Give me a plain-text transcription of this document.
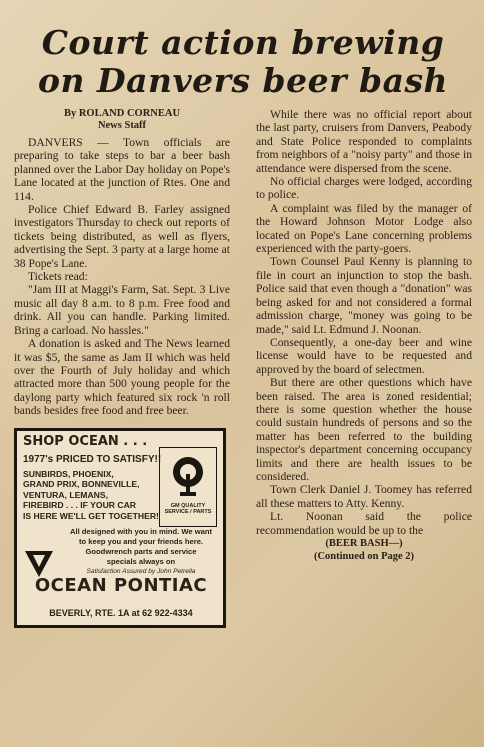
Court action brewing
on Danvers beer bash
By ROLAND CORNEAU
News Staff

DANVERS — Town officials are preparing to take steps to bar a beer bash planned over the Labor Day holiday on Pope's Lane located at the junction of Rtes. One and 114.

Police Chief Edward B. Farley assigned investigators Thursday to check out reports of tickets being distributed, as well as flyers, advertising the Sept. 3 party at a large home at 38 Pope's Lane.

Tickets read:

"Jam III at Maggi's Farm, Sat. Sept. 3 Live music all day 8 a.m. to 8 p.m. Free food and drink. All you can handle. Parking limited. Bring a carload. No hassles."

A donation is asked and The News learned it was $5, the same as Jam II which was held over the Fourth of July holiday and which attracted more than 500 young people for the daylong party which featured six rock 'n roll bands besides free food and free beer.

SHOP OCEAN . . .
1977's PRICED TO SATISFY!!
SUNBIRDS, PHOENIX,
GRAND PRIX, BONNEVILLE,
VENTURA, LEMANS,
FIREBIRD . . . IF YOUR CAR
IS HERE WE'LL GET TOGETHER!
GM QUALITY SERVICE / PARTS
All designed with you in mind. We want
to keep you and your friends here.
Goodwrench parts and service
specials always on
Satisfaction Assured by John Petrella
OCEAN PONTIAC
BEVERLY, RTE. 1A at 62 922-4334

While there was no official report about the last party, cruisers from Danvers, Peabody and State Police responded to complaints from neighbors of a "noisy party" and those in attendance were dispersed from the scene.

No official charges were lodged, according to police.

A complaint was filed by the manager of the Howard Johnson Motor Lodge also located on Pope's Lane concerning problems experienced with the party-goers.

Town Counsel Paul Kenny is planning to file in court an injunction to stop the bash. Police said that even though a "donation" was being asked for and not considered a formal admission charge, "money was going to be made," said Lt. Edmund J. Noonan.

Consequently, a one-day beer and wine license would have to be requested and approved by the board of selectmen.

But there are other questions which have been raised. The area is zoned residential; there is some question whether the house could sustain hundreds of persons and so the matter has been referred to the building inspector's department concerning occupancy limits and there are health issues to be considered.

Town Clerk Daniel J. Toomey has referred all these matters to Atty. Kenny.

Lt. Noonan said the police recommendation would be up to the

(BEER BASH—)
(Continued on Page 2)
